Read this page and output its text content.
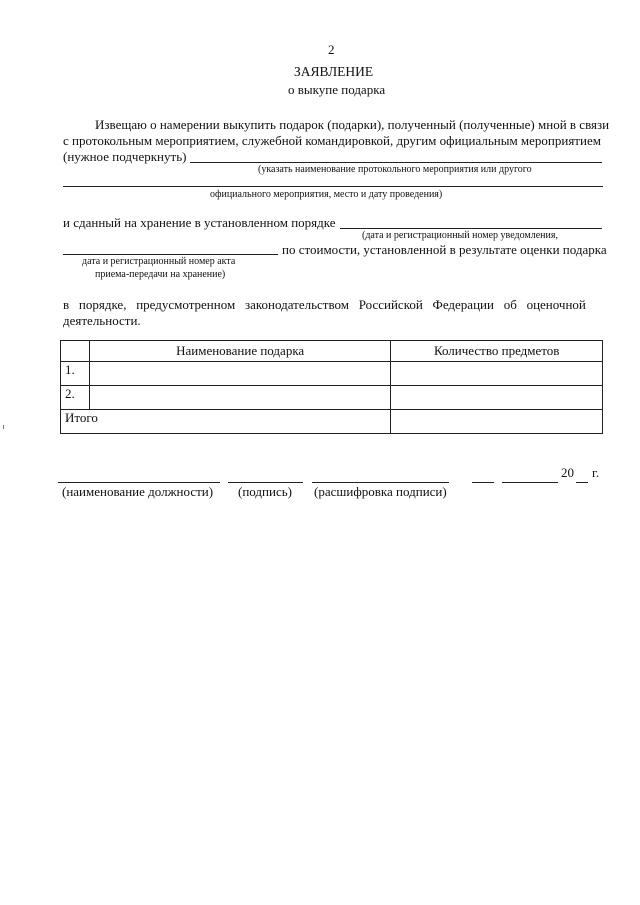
2
ЗАЯВЛЕНИЕ
о выкупе подарка
Извещаю о намерении выкупить подарок (подарки), полученный (полученные) мной в связи
с протокольным мероприятием, служебной командировкой, другим официальным мероприятием
(нужное подчеркнуть)
(указать наименование протокольного мероприятия или другого
официального мероприятия, место и дату проведения)
и сданный на хранение в установленном порядке
(дата и регистрационный номер уведомления,
по стоимости, установленной в результате оценки подарка
дата и регистрационный номер акта
приема-передачи на хранение)
в   порядке,   предусмотренном   законодательством   Российской   Федерации   об   оценочной
деятельности.
	Наименование подарка	Количество предметов
1.		
2.		
Итого		
20 г.
(наименование должности) (подпись) (расшифровка подписи)
